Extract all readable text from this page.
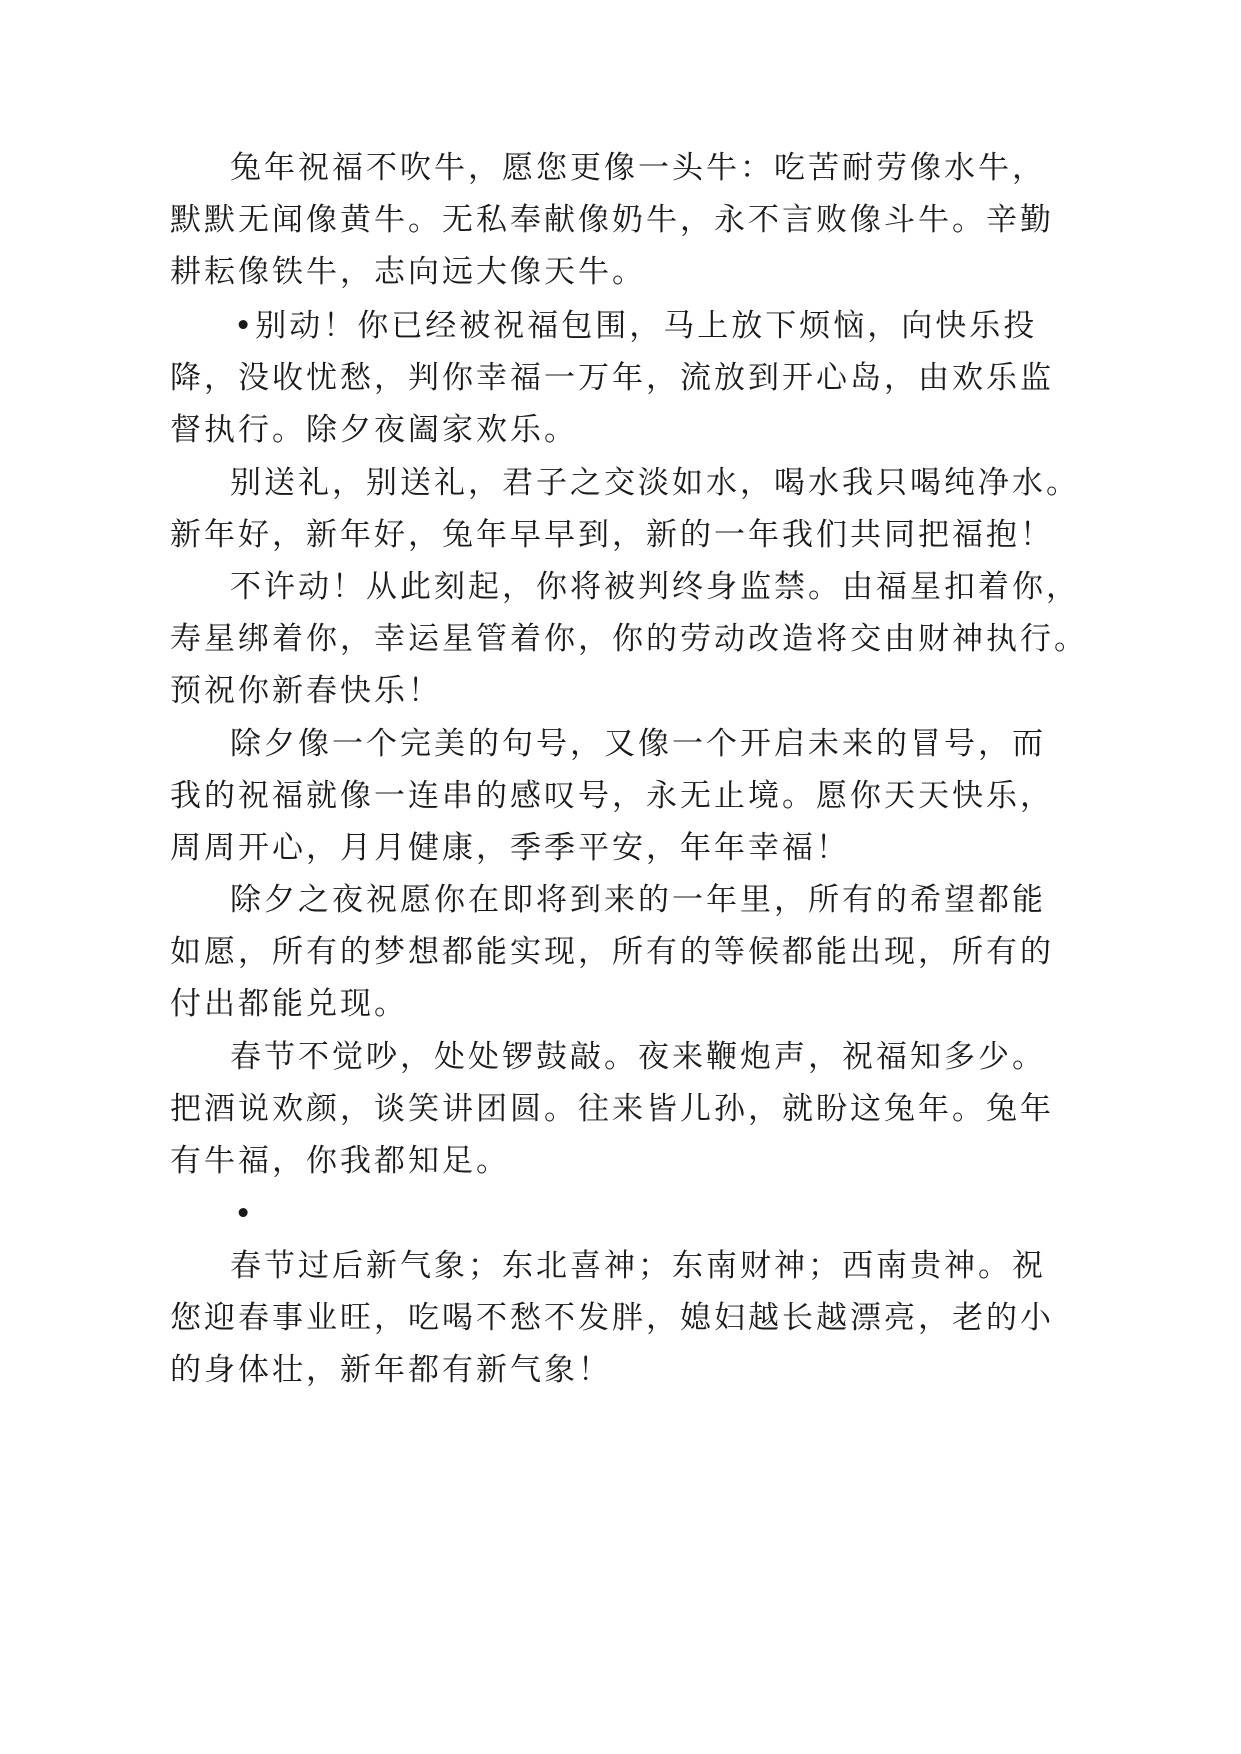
兔年祝福不吹牛，愿您更像一头牛：吃苦耐劳像水牛，
默默无闻像黄牛。无私奉献像奶牛，永不言败像斗牛。辛勤
耕耘像铁牛，志向远大像天牛。
•别动！你已经被祝福包围，马上放下烦恼，向快乐投
降，没收忧愁，判你幸福一万年，流放到开心岛，由欢乐监
督执行。除夕夜阖家欢乐。
别送礼，别送礼，君子之交淡如水，喝水我只喝纯净水。
新年好，新年好，兔年早早到，新的一年我们共同把福抱！
不许动！从此刻起，你将被判终身监禁。由福星扣着你，
寿星绑着你，幸运星管着你，你的劳动改造将交由财神执行。
预祝你新春快乐！
除夕像一个完美的句号，又像一个开启未来的冒号，而
我的祝福就像一连串的感叹号，永无止境。愿你天天快乐，
周周开心，月月健康，季季平安，年年幸福！
除夕之夜祝愿你在即将到来的一年里，所有的希望都能
如愿，所有的梦想都能实现，所有的等候都能出现，所有的
付出都能兑现。
春节不觉吵，处处锣鼓敲。夜来鞭炮声，祝福知多少。
把酒说欢颜，谈笑讲团圆。往来皆儿孙，就盼这兔年。兔年
有牛福，你我都知足。
•
春节过后新气象；东北喜神；东南财神；西南贵神。祝
您迎春事业旺，吃喝不愁不发胖，媳妇越长越漂亮，老的小
的身体壮，新年都有新气象！
